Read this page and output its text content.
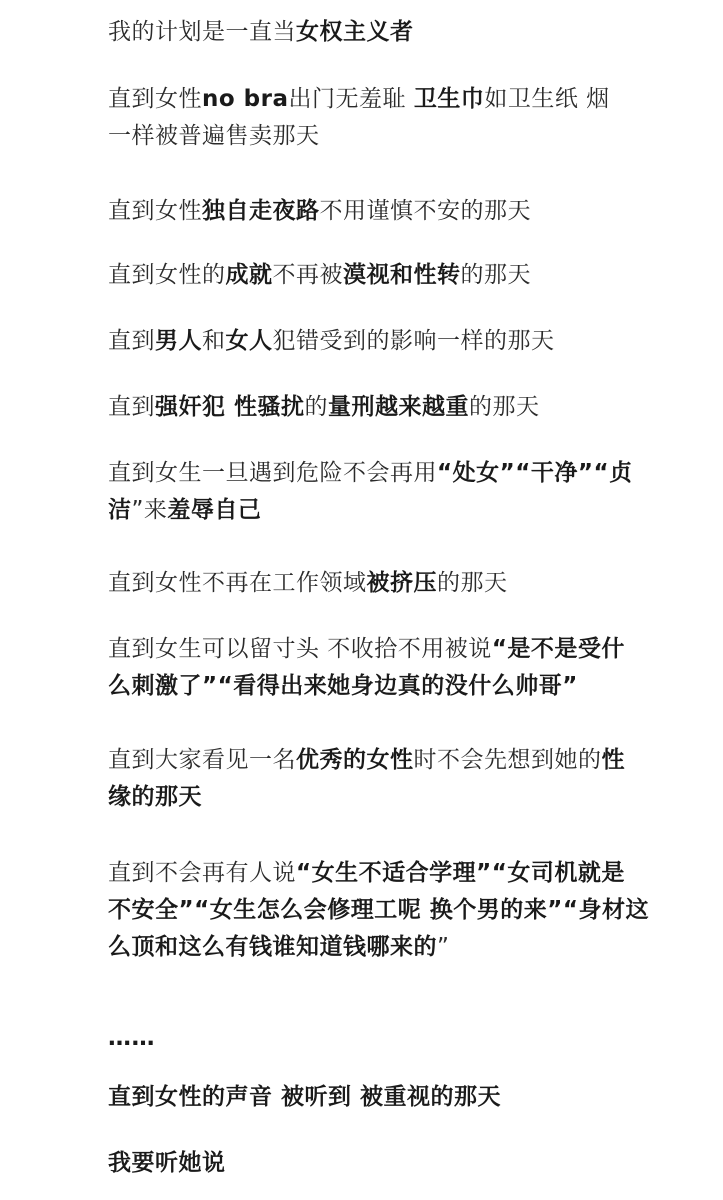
我的计划是一直当女权主义者

直到女性no bra出门无羞耻 卫生巾如卫生纸 烟
一样被普遍售卖那天

直到女性独自走夜路不用谨慎不安的那天

直到女性的成就不再被漠视和性转的那天

直到男人和女人犯错受到的影响一样的那天

直到强奸犯 性骚扰的量刑越来越重的那天

直到女生一旦遇到危险不会再用“处女”“干净”“贞
洁”来羞辱自己

直到女性不再在工作领域被挤压的那天

直到女生可以留寸头 不收拾不用被说“是不是受什
么刺激了”“看得出来她身边真的没什么帅哥”

直到大家看见一名优秀的女性时不会先想到她的性
缘的那天

直到不会再有人说“女生不适合学理”“女司机就是
不安全”“女生怎么会修理工呢 换个男的来”“身材这
么顶和这么有钱谁知道钱哪来的”

……

直到女性的声音 被听到 被重视的那天

我要听她说
